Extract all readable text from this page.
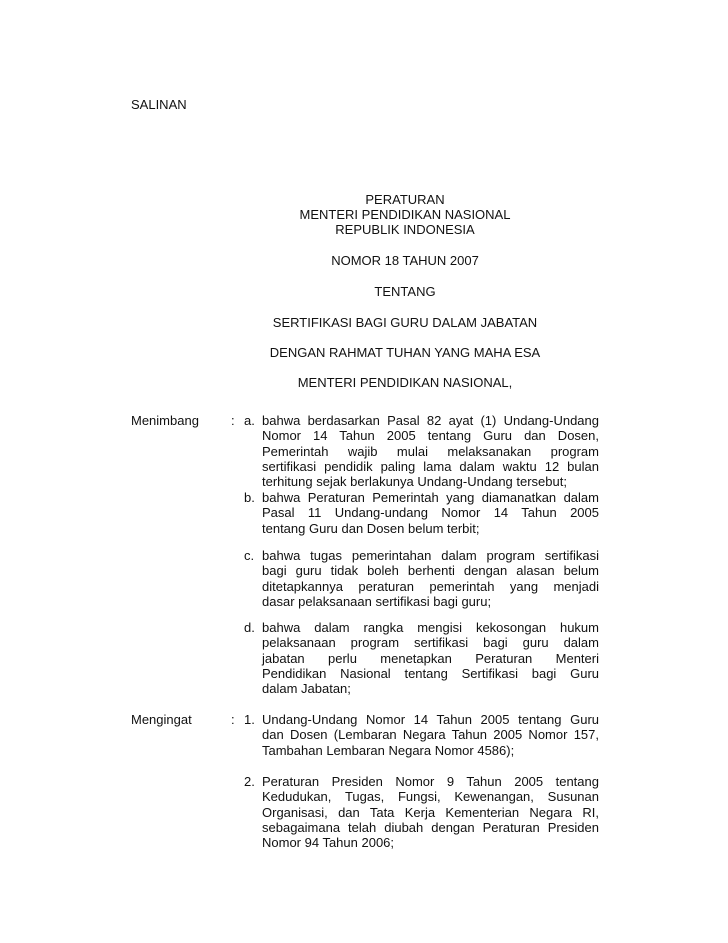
SALINAN
PERATURAN
MENTERI PENDIDIKAN NASIONAL
REPUBLIK INDONESIA
NOMOR 18 TAHUN 2007
TENTANG
SERTIFIKASI BAGI GURU DALAM JABATAN
DENGAN RAHMAT TUHAN YANG MAHA ESA
MENTERI PENDIDIKAN NASIONAL,
Menimbang : a. bahwa berdasarkan Pasal 82 ayat (1) Undang-Undang
Nomor 14 Tahun 2005 tentang Guru dan Dosen,
Pemerintah wajib mulai melaksanakan program
sertifikasi pendidik paling lama dalam waktu 12 bulan
terhitung sejak berlakunya Undang-Undang tersebut;
b. bahwa Peraturan Pemerintah yang diamanatkan dalam
Pasal 11 Undang-undang Nomor 14 Tahun 2005
tentang Guru dan Dosen belum terbit;
c. bahwa tugas pemerintahan dalam program sertifikasi
bagi guru tidak boleh berhenti dengan alasan belum
ditetapkannya peraturan pemerintah yang menjadi
dasar pelaksanaan sertifikasi bagi guru;
d. bahwa dalam rangka mengisi kekosongan hukum
pelaksanaan program sertifikasi bagi guru dalam
jabatan perlu menetapkan Peraturan Menteri
Pendidikan Nasional tentang Sertifikasi bagi Guru
dalam Jabatan;
Mengingat	: 1. Undang-Undang Nomor 14 Tahun 2005 tentang Guru
dan Dosen (Lembaran Negara Tahun 2005 Nomor 157,
Tambahan Lembaran Negara Nomor 4586);
2. Peraturan Presiden Nomor 9 Tahun 2005 tentang
Kedudukan, Tugas, Fungsi, Kewenangan, Susunan
Organisasi, dan Tata Kerja Kementerian Negara RI,
sebagaimana telah diubah dengan Peraturan Presiden
Nomor 94 Tahun 2006;
